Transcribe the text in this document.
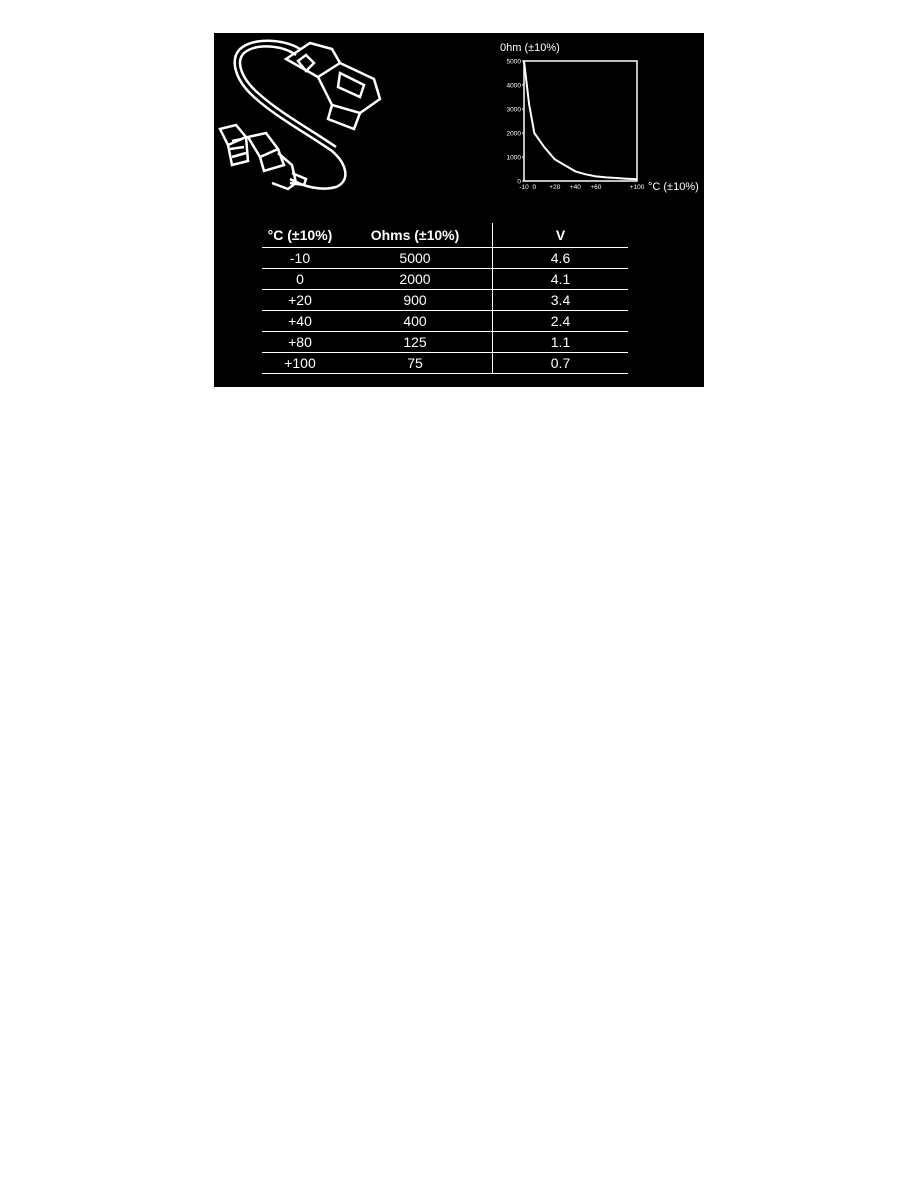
0hm (±10%)
°C (±10%)
0
1000
2000
3000
4000
5000
-10 0 +20 +40 +60	+100
°C (±10%)	Ohms (±10%)	V
-10	5000	4.6
0	2000	4.1
+20	900	3.4
+40	400	2.4
+80	125	1.1
+100	75	0.7
